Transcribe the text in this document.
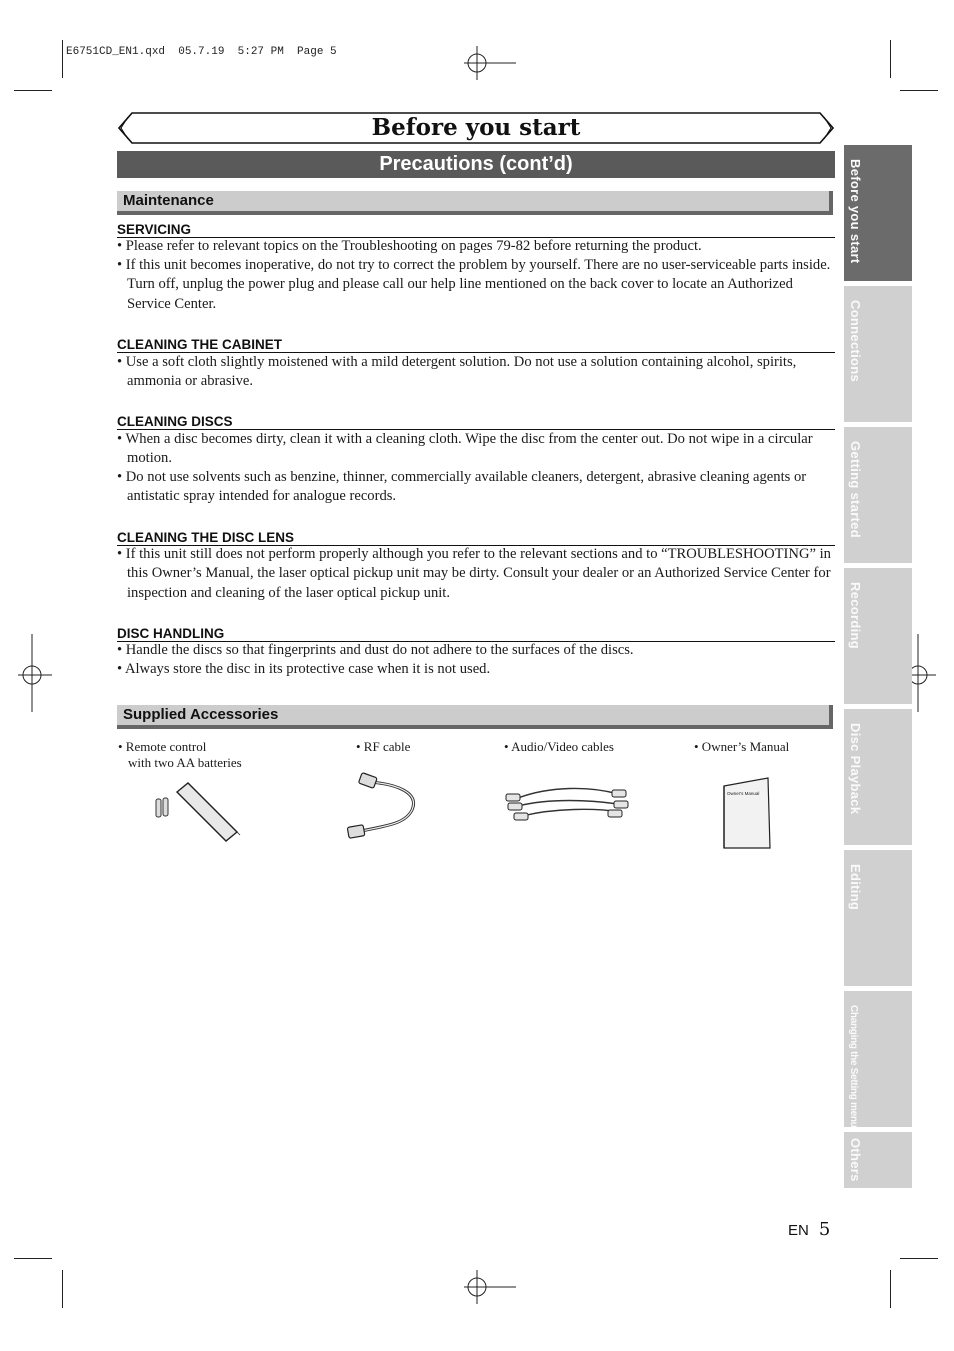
E6751CD_EN1.qxd  05.7.19  5:27 PM  Page 5
Before you start
Precautions (cont’d)
Maintenance
SERVICING
• Please refer to relevant topics on the Troubleshooting on pages 79-82 before returning the product.
• If this unit becomes inoperative, do not try to correct the problem by yourself. There are no user-serviceable parts inside. Turn off, unplug the power plug and please call our help line mentioned on the back cover to locate an Authorized Service Center.
CLEANING THE CABINET
• Use a soft cloth slightly moistened with a mild detergent solution. Do not use a solution containing alcohol, spirits, ammonia or abrasive.
CLEANING DISCS
• When a disc becomes dirty, clean it with a cleaning cloth. Wipe the disc from the center out. Do not wipe in a circular motion.
• Do not use solvents such as benzine, thinner, commercially available cleaners, detergent, abrasive cleaning agents or antistatic spray intended for analogue records.
CLEANING THE DISC LENS
• If this unit still does not perform properly although you refer to the relevant sections and to “TROUBLESHOOTING” in this Owner’s Manual, the laser optical pickup unit may be dirty. Consult your dealer or an Authorized Service Center for inspection and cleaning of the laser optical pickup unit.
DISC HANDLING
• Handle the discs so that fingerprints and dust do not adhere to the surfaces of the discs.
• Always store the disc in its protective case when it is not used.
Supplied Accessories
• Remote control
with two AA batteries
• RF cable	• Audio/Video cables	• Owner’s Manual
Owner's Manual
Before you start
Connections
Getting started
Recording
Disc Playback
Editing
Changing the Setting menu
Others
EN 5
